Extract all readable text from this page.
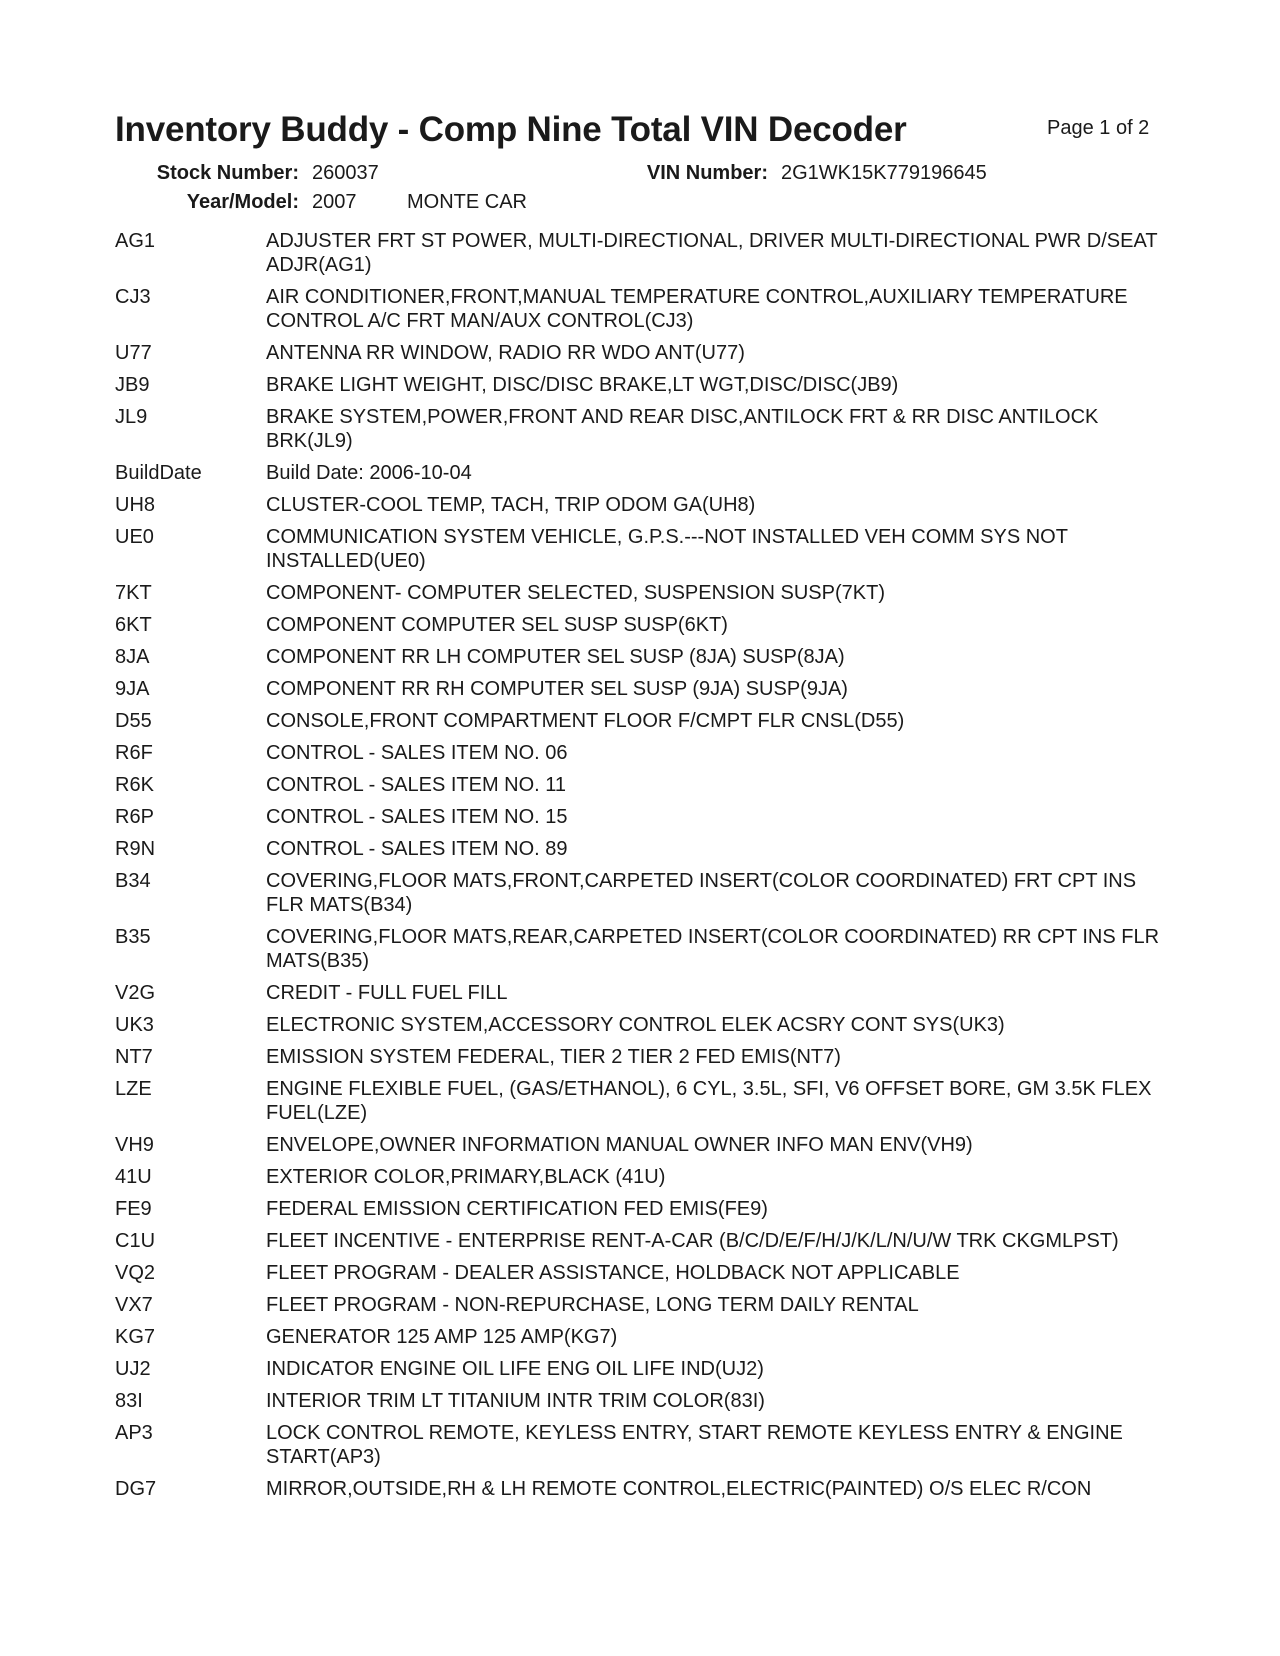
Inventory Buddy - Comp Nine Total VIN Decoder	Page 1 of 2
Stock Number: 260037	VIN Number: 2G1WK15K779196645
Year/Model: 2007	MONTE CAR
AG1	ADJUSTER FRT ST POWER, MULTI-DIRECTIONAL, DRIVER MULTI-DIRECTIONAL PWR D/SEAT ADJR(AG1)
CJ3	AIR CONDITIONER,FRONT,MANUAL TEMPERATURE CONTROL,AUXILIARY TEMPERATURE CONTROL A/C FRT MAN/AUX CONTROL(CJ3)
U77	ANTENNA RR WINDOW, RADIO RR WDO ANT(U77)
JB9	BRAKE LIGHT WEIGHT, DISC/DISC BRAKE,LT WGT,DISC/DISC(JB9)
JL9	BRAKE SYSTEM,POWER,FRONT AND REAR DISC,ANTILOCK FRT & RR DISC ANTILOCK BRK(JL9)
BuildDate	Build Date: 2006-10-04
UH8	CLUSTER-COOL TEMP, TACH, TRIP ODOM GA(UH8)
UE0	COMMUNICATION SYSTEM VEHICLE, G.P.S.---NOT INSTALLED VEH COMM SYS NOT INSTALLED(UE0)
7KT	COMPONENT- COMPUTER SELECTED, SUSPENSION SUSP(7KT)
6KT	COMPONENT COMPUTER SEL SUSP SUSP(6KT)
8JA	COMPONENT RR LH COMPUTER SEL SUSP (8JA) SUSP(8JA)
9JA	COMPONENT RR RH COMPUTER SEL SUSP (9JA) SUSP(9JA)
D55	CONSOLE,FRONT COMPARTMENT FLOOR F/CMPT FLR CNSL(D55)
R6F	CONTROL - SALES ITEM NO. 06
R6K	CONTROL - SALES ITEM NO. 11
R6P	CONTROL - SALES ITEM NO. 15
R9N	CONTROL - SALES ITEM NO. 89
B34	COVERING,FLOOR MATS,FRONT,CARPETED INSERT(COLOR COORDINATED) FRT CPT INS FLR MATS(B34)
B35	COVERING,FLOOR MATS,REAR,CARPETED INSERT(COLOR COORDINATED) RR CPT INS FLR MATS(B35)
V2G	CREDIT - FULL FUEL FILL
UK3	ELECTRONIC SYSTEM,ACCESSORY CONTROL ELEK ACSRY CONT SYS(UK3)
NT7	EMISSION SYSTEM FEDERAL, TIER 2 TIER 2 FED EMIS(NT7)
LZE	ENGINE FLEXIBLE FUEL, (GAS/ETHANOL), 6 CYL, 3.5L, SFI, V6 OFFSET BORE, GM 3.5K FLEX FUEL(LZE)
VH9	ENVELOPE,OWNER INFORMATION MANUAL OWNER INFO MAN ENV(VH9)
41U	EXTERIOR COLOR,PRIMARY,BLACK (41U)
FE9	FEDERAL EMISSION CERTIFICATION FED EMIS(FE9)
C1U	FLEET INCENTIVE - ENTERPRISE RENT-A-CAR (B/C/D/E/F/H/J/K/L/N/U/W TRK CKGMLPST)
VQ2	FLEET PROGRAM - DEALER ASSISTANCE, HOLDBACK NOT APPLICABLE
VX7	FLEET PROGRAM - NON-REPURCHASE, LONG TERM DAILY RENTAL
KG7	GENERATOR 125 AMP 125 AMP(KG7)
UJ2	INDICATOR ENGINE OIL LIFE ENG OIL LIFE IND(UJ2)
83I	INTERIOR TRIM LT TITANIUM INTR TRIM COLOR(83I)
AP3	LOCK CONTROL REMOTE, KEYLESS ENTRY, START REMOTE KEYLESS ENTRY & ENGINE START(AP3)
DG7	MIRROR,OUTSIDE,RH & LH REMOTE CONTROL,ELECTRIC(PAINTED) O/S ELEC R/CON
